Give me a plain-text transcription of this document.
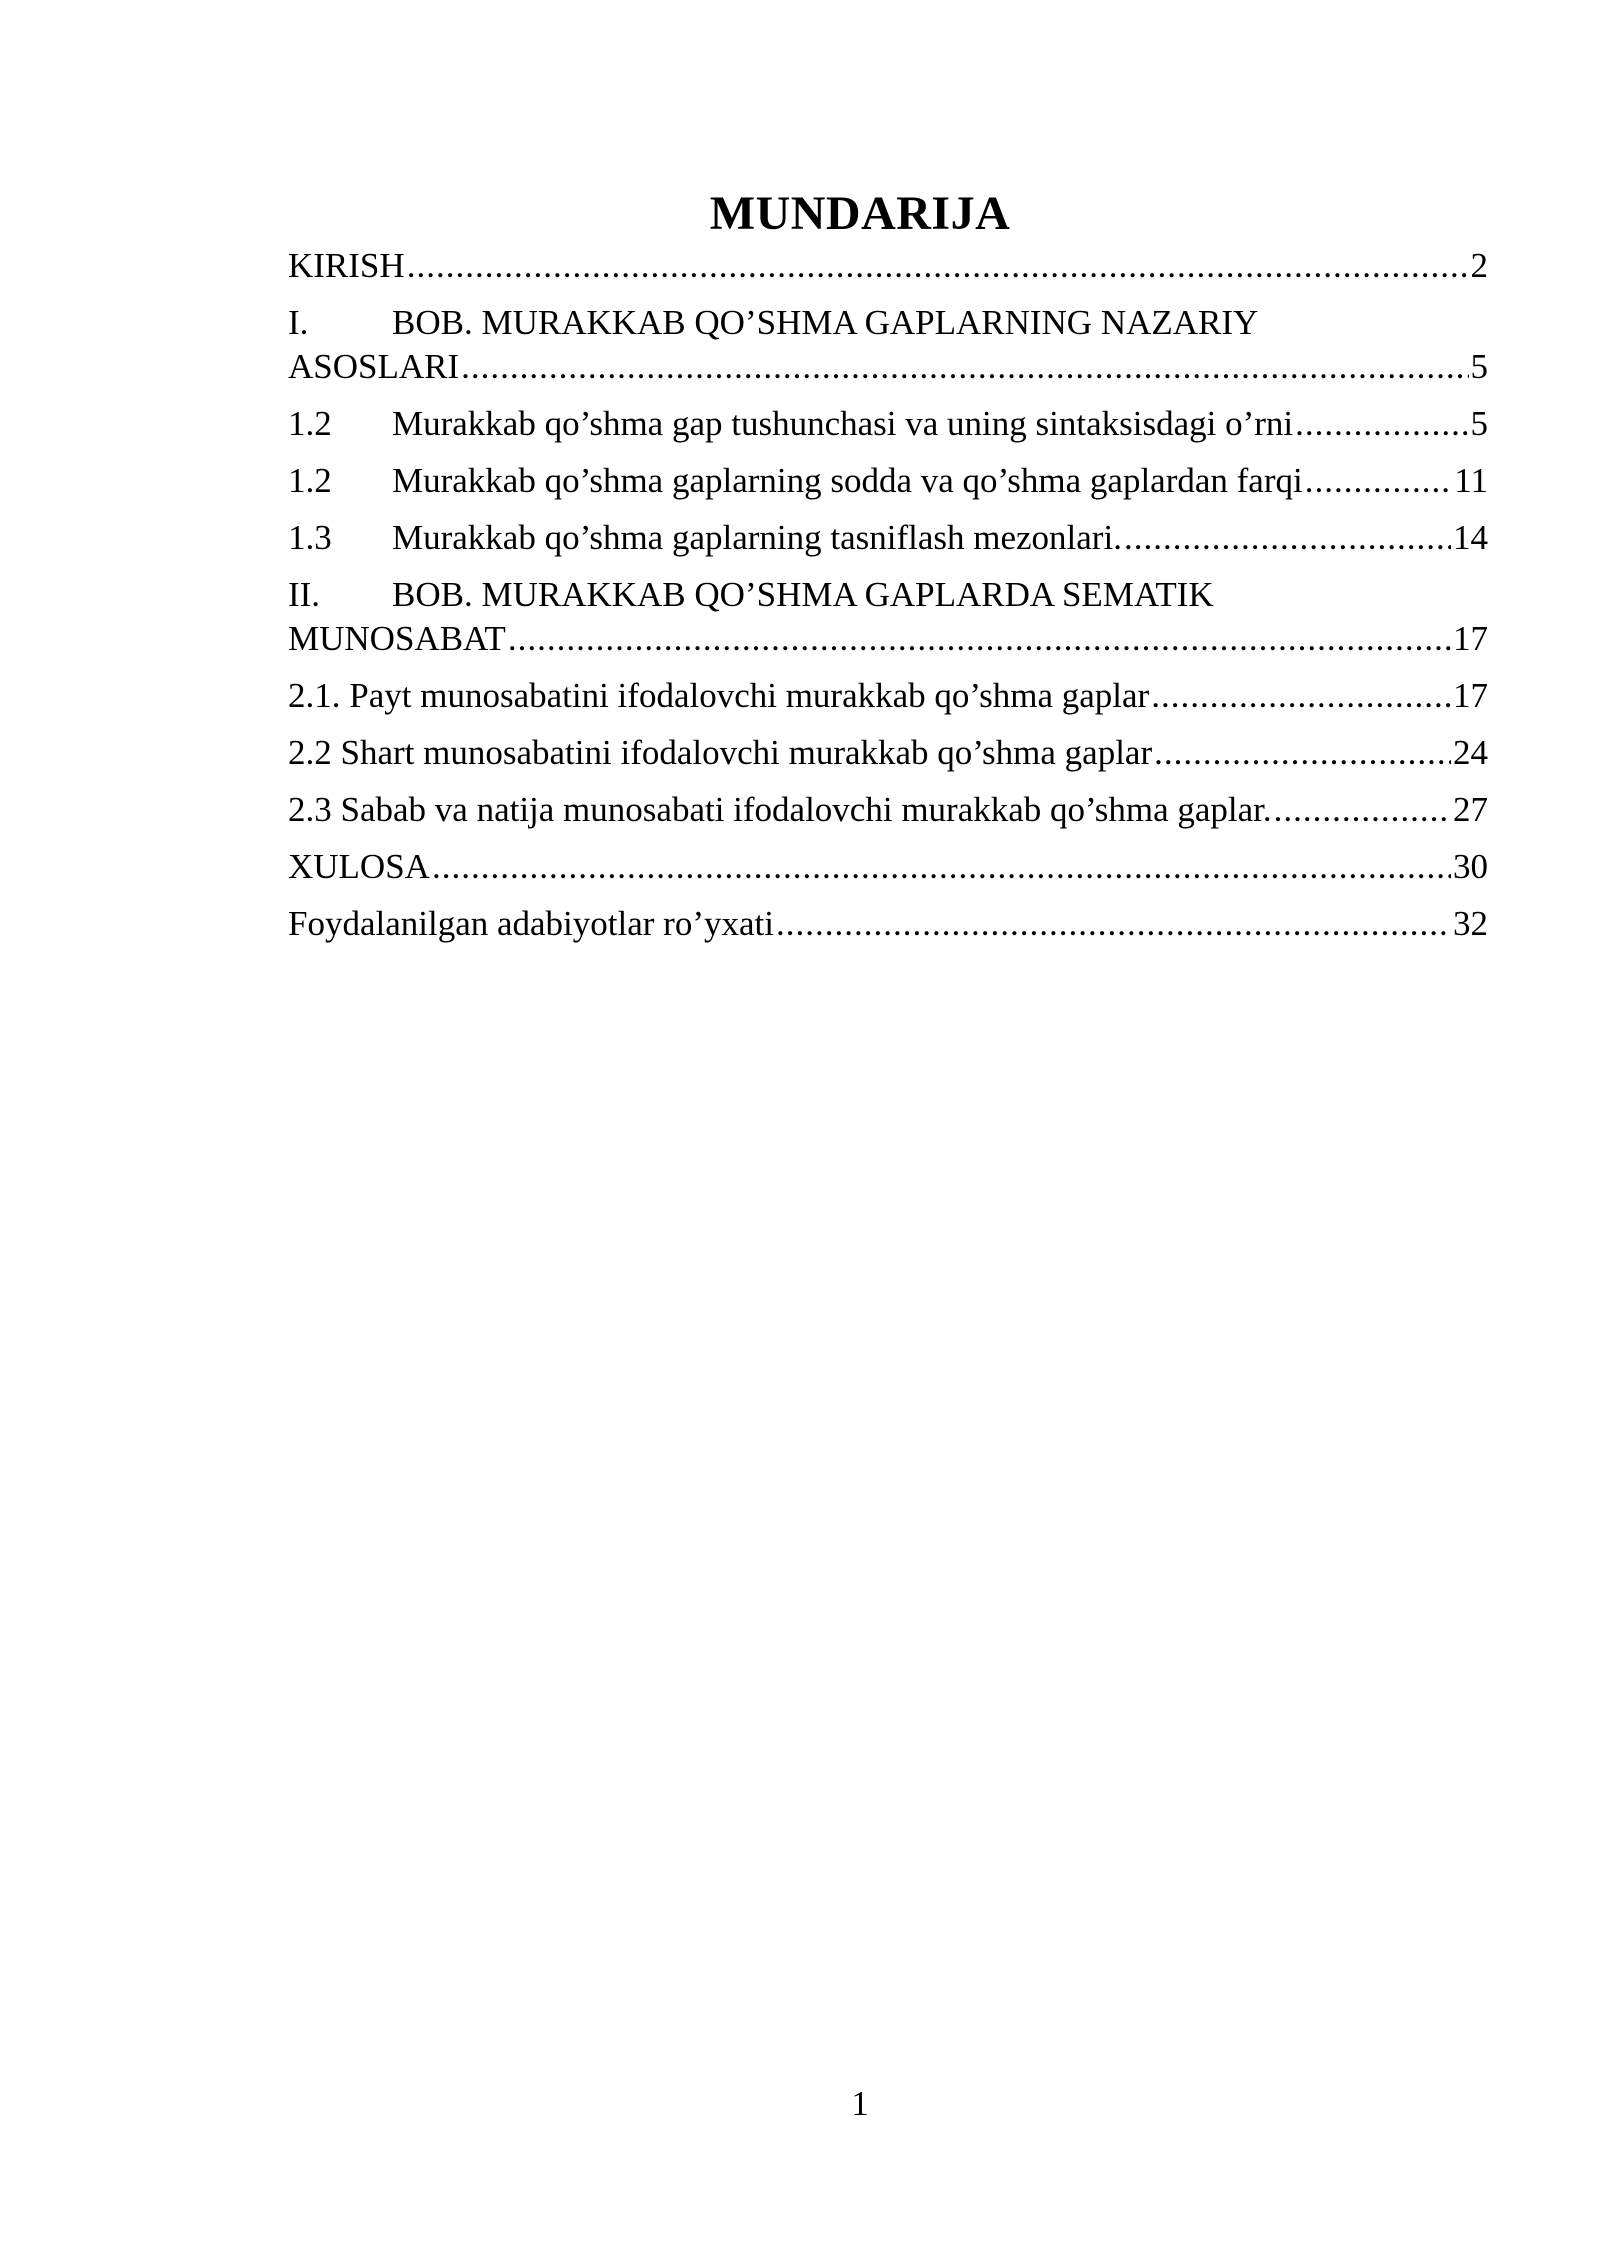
MUNDARIJA
KIRISH .....	2
I.	BOB. MURAKKAB QO’SHMA GAPLARNING NAZARIY
ASOSLARI .....	5
1.2	Murakkab qo’shma gap tushunchasi va uning sintaksisdagi o’rni .....	5
1.2	Murakkab qo’shma gaplarning sodda va qo’shma gaplardan farqi .....	11
1.3	Murakkab qo’shma gaplarning tasniflash mezonlari. .....	14
II.	BOB. MURAKKAB QO’SHMA GAPLARDA SEMATIK
MUNOSABAT .....	17
2.1. Payt munosabatini ifodalovchi murakkab qo’shma gaplar .....	17
2.2 Shart munosabatini ifodalovchi murakkab qo’shma gaplar .....	24
2.3 Sabab va natija munosabati ifodalovchi murakkab qo’shma gaplar. .....	27
XULOSA .....	30
Foydalanilgan adabiyotlar ro’yxati .....	32
1
